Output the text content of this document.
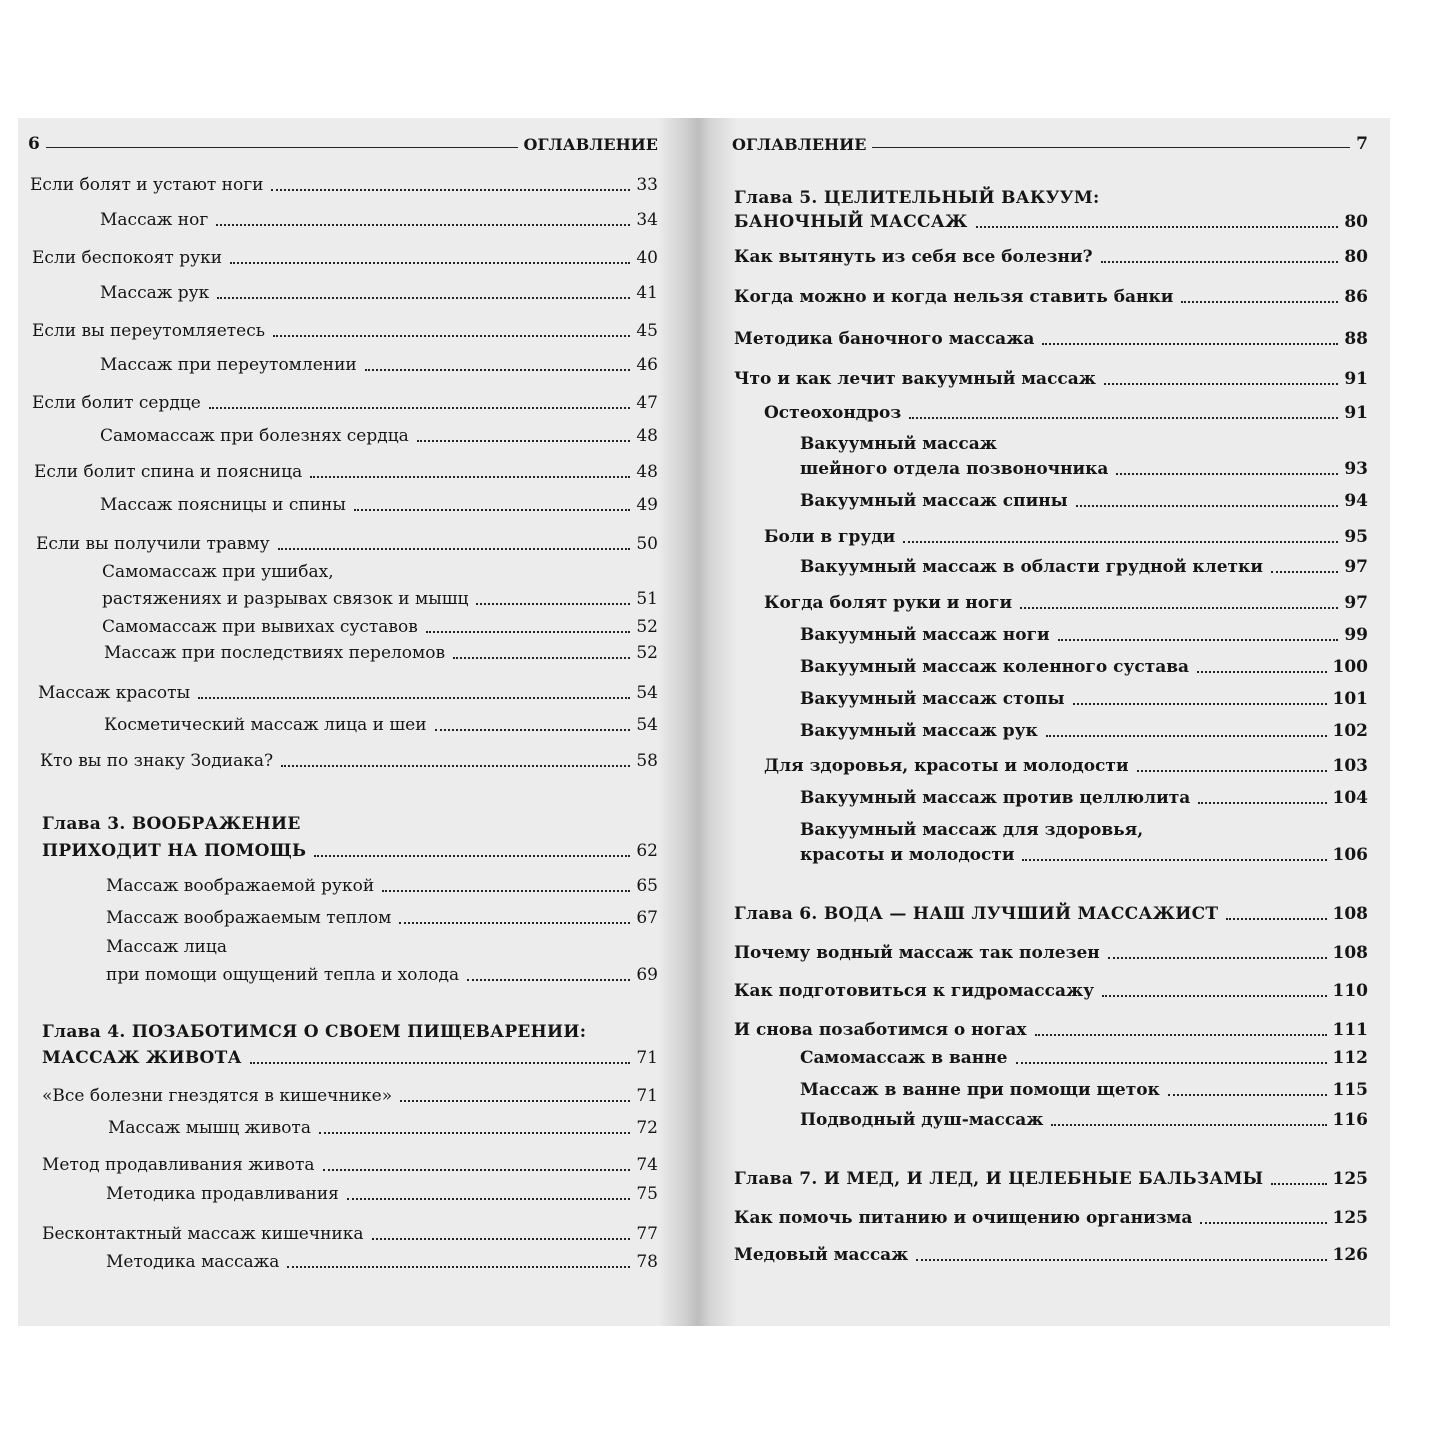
6	ОГЛАВЛЕНИЕ
Если болят и устают ноги	33
Массаж ног	34
Если беспокоят руки	40
Массаж рук	41
Если вы переутомляетесь	45
Массаж при переутомлении	46
Если болит сердце	47
Самомассаж при болезнях сердца	48
Если болит спина и поясница	48
Массаж поясницы и спины	49
Если вы получили травму	50
Самомассаж при ушибах,
растяжениях и разрывах связок и мышц	51
Самомассаж при вывихах суставов	52
Массаж при последствиях переломов	52
Массаж красоты	54
Косметический массаж лица и шеи	54
Кто вы по знаку Зодиака?	58
Глава 3. ВООБРАЖЕНИЕ
ПРИХОДИТ НА ПОМОЩЬ	62
Массаж воображаемой рукой	65
Массаж воображаемым теплом	67
Массаж лица
при помощи ощущений тепла и холода	69
Глава 4. ПОЗАБОТИМСЯ О СВОЕМ ПИЩЕВАРЕНИИ:
МАССАЖ ЖИВОТА	71
«Все болезни гнездятся в кишечнике»	71
Массаж мышц живота	72
Метод продавливания живота	74
Методика продавливания	75
Бесконтактный массаж кишечника	77
Методика массажа	78
ОГЛАВЛЕНИЕ	7
Глава 5. ЦЕЛИТЕЛЬНЫЙ ВАКУУМ:
БАНОЧНЫЙ МАССАЖ	80
Как вытянуть из себя все болезни?	80
Когда можно и когда нельзя ставить банки	86
Методика баночного массажа	88
Что и как лечит вакуумный массаж	91
Остеохондроз	91
Вакуумный массаж
шейного отдела позвоночника	93
Вакуумный массаж спины	94
Боли в груди	95
Вакуумный массаж в области грудной клетки	97
Когда болят руки и ноги	97
Вакуумный массаж ноги	99
Вакуумный массаж коленного сустава	100
Вакуумный массаж стопы	101
Вакуумный массаж рук	102
Для здоровья, красоты и молодости	103
Вакуумный массаж против целлюлита	104
Вакуумный массаж для здоровья,
красоты и молодости	106
Глава 6. ВОДА — НАШ ЛУЧШИЙ МАССАЖИСТ	108
Почему водный массаж так полезен	108
Как подготовиться к гидромассажу	110
И снова позаботимся о ногах	111
Самомассаж в ванне	112
Массаж в ванне при помощи щеток	115
Подводный душ-массаж	116
Глава 7. И МЕД, И ЛЕД, И ЦЕЛЕБНЫЕ БАЛЬЗАМЫ	125
Как помочь питанию и очищению организма	125
Медовый массаж	126
